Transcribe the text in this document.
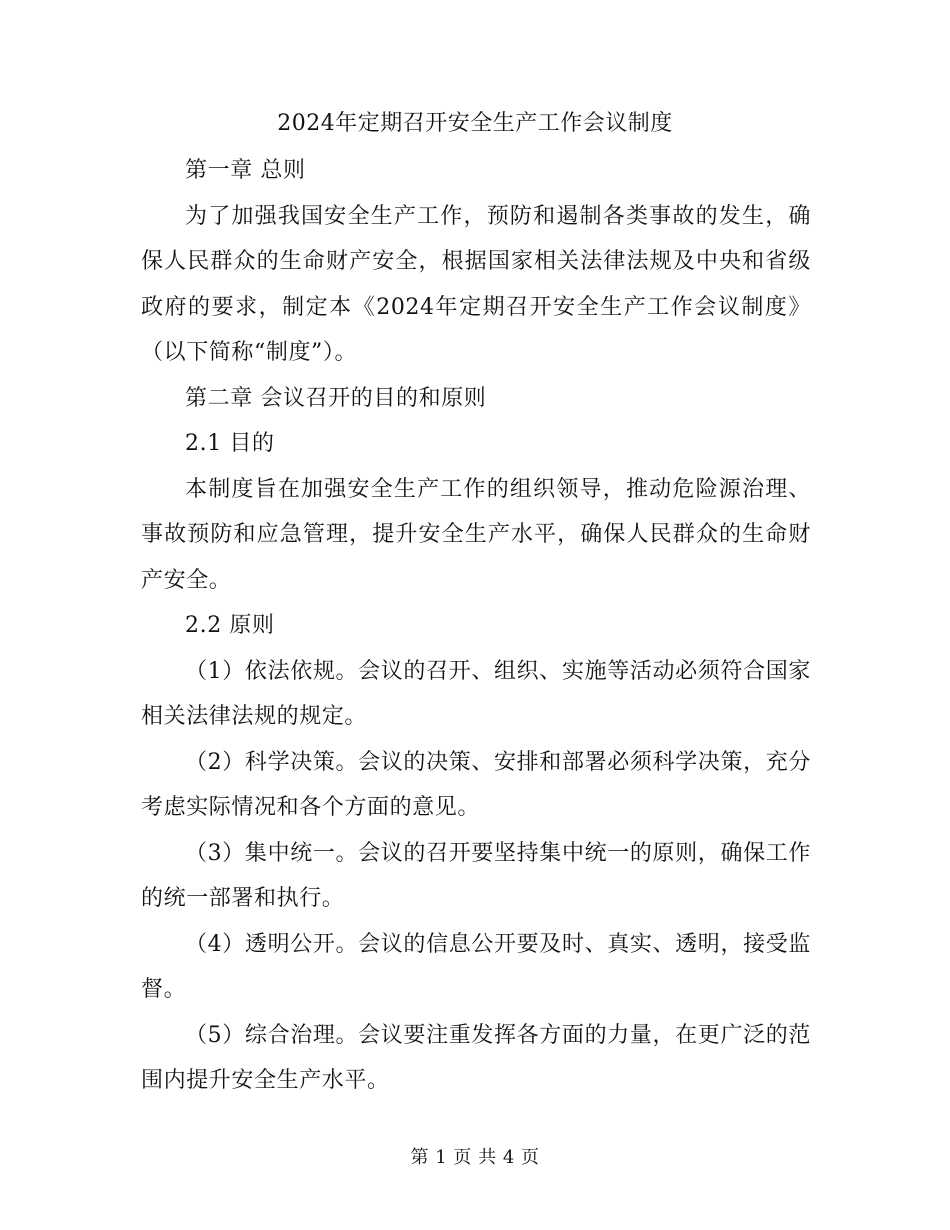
2024年定期召开安全生产工作会议制度

第一章 总则

为了加强我国安全生产工作，预防和遏制各类事故的发生，确保人民群众的生命财产安全，根据国家相关法律法规及中央和省级政府的要求，制定本《2024年定期召开安全生产工作会议制度》（以下简称“制度”）。

第二章 会议召开的目的和原则

2.1 目的

本制度旨在加强安全生产工作的组织领导，推动危险源治理、事故预防和应急管理，提升安全生产水平，确保人民群众的生命财产安全。

2.2 原则

（1）依法依规。会议的召开、组织、实施等活动必须符合国家相关法律法规的规定。

（2）科学决策。会议的决策、安排和部署必须科学决策，充分考虑实际情况和各个方面的意见。

（3）集中统一。会议的召开要坚持集中统一的原则，确保工作的统一部署和执行。

（4）透明公开。会议的信息公开要及时、真实、透明，接受监督。

（5）综合治理。会议要注重发挥各方面的力量，在更广泛的范围内提升安全生产水平。

第 1 页 共 4 页
